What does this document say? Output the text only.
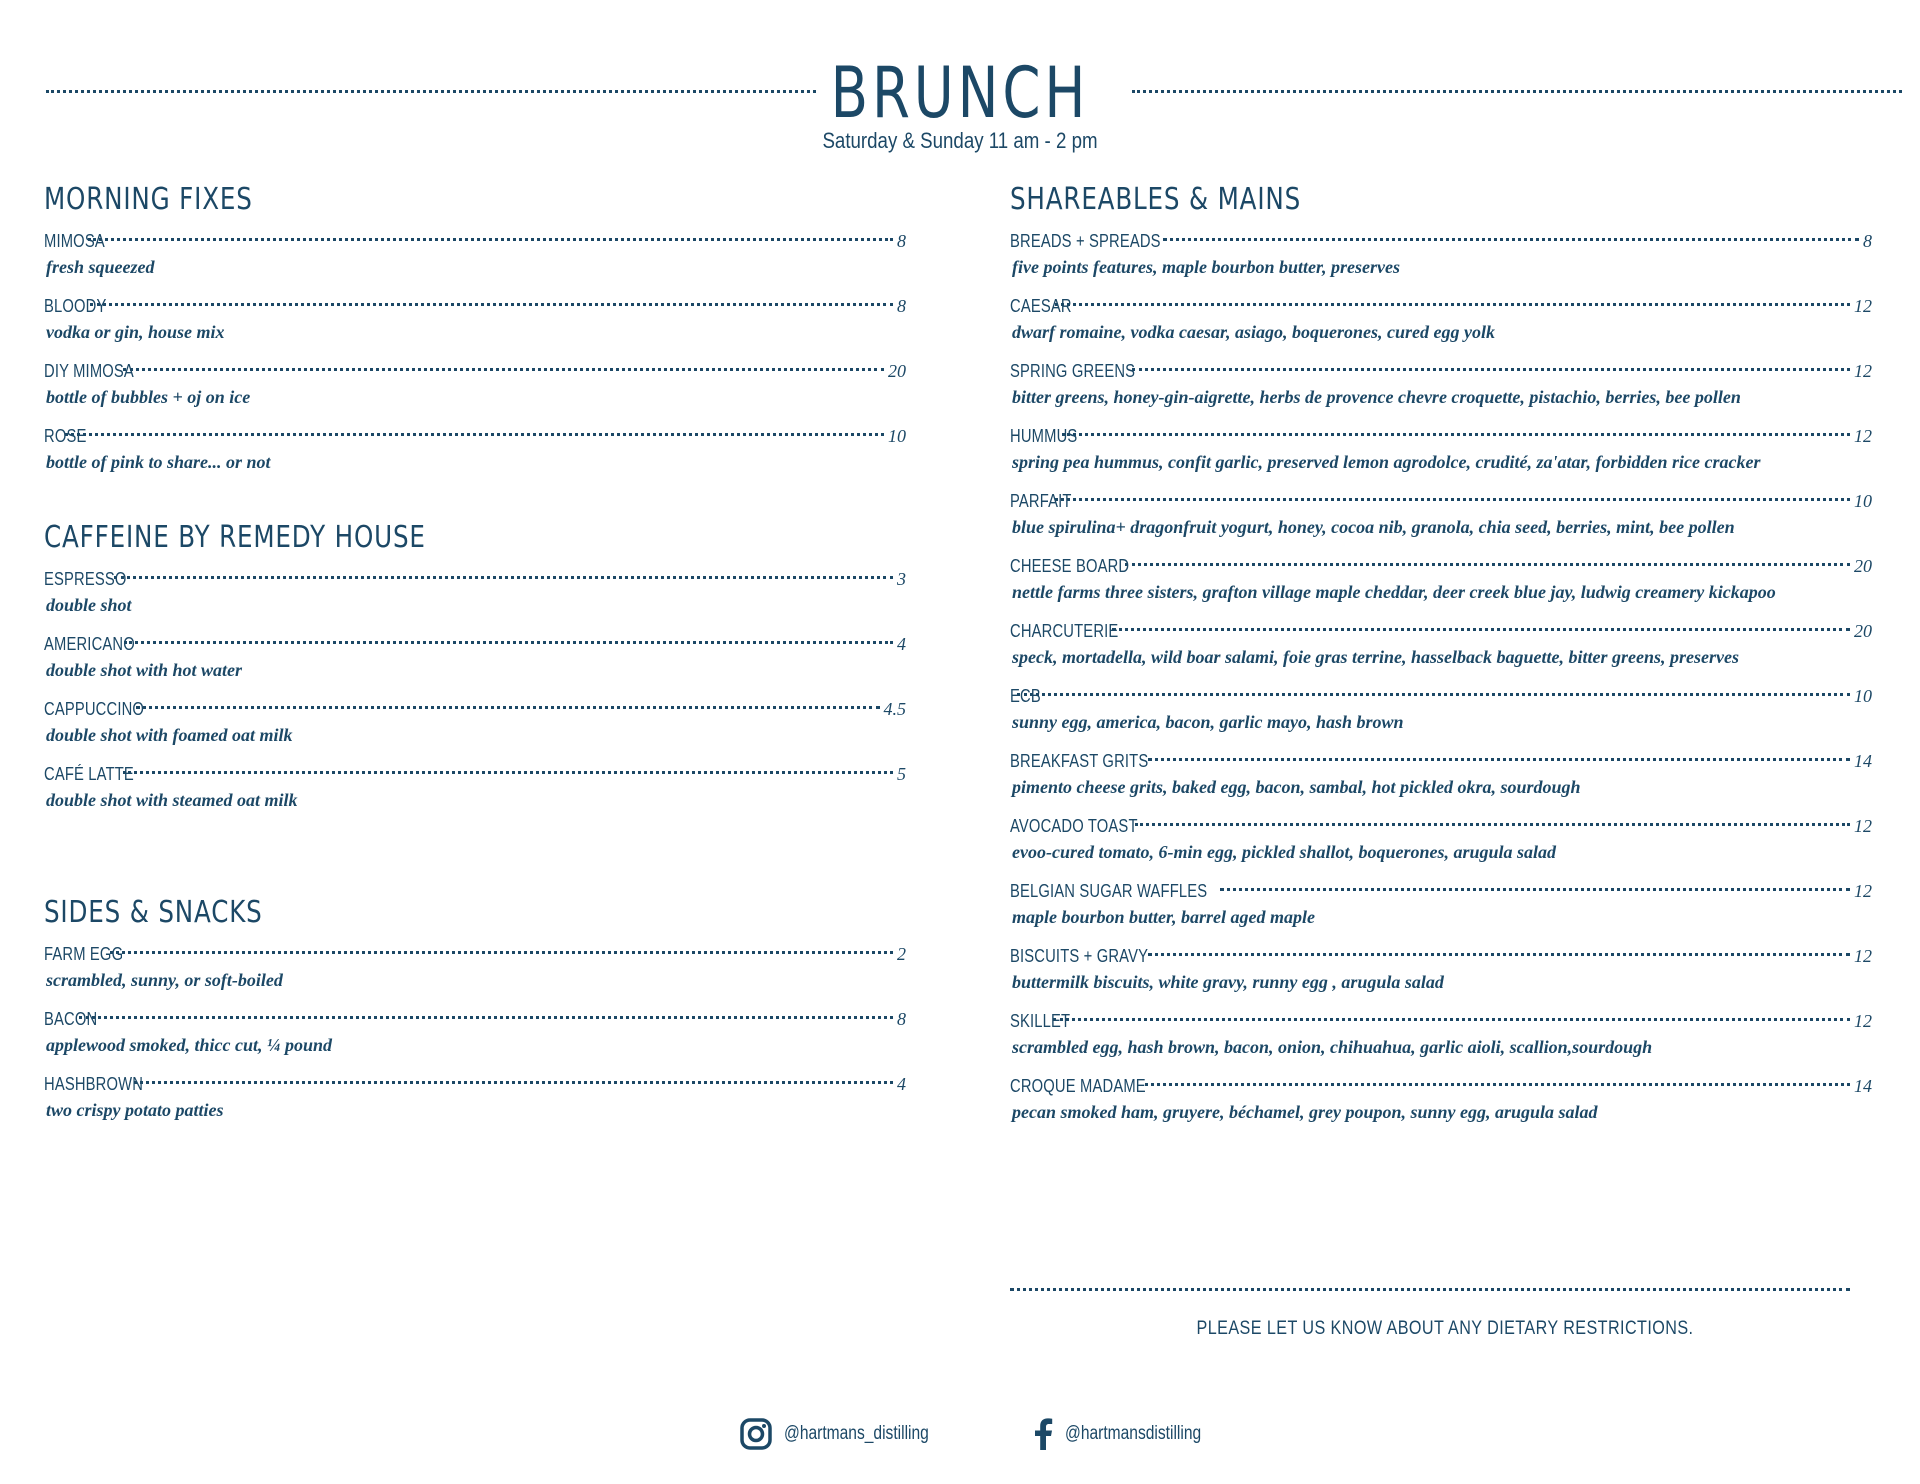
BRUNCH
Saturday & Sunday 11 am - 2 pm
MORNING FIXES
MIMOSA	8
fresh squeezed
BLOODY	8
vodka or gin, house mix
DIY MIMOSA	20
bottle of bubbles + oj on ice
ROSE	10
bottle of pink to share... or not
CAFFEINE BY REMEDY HOUSE
ESPRESSO	3
double shot
AMERICANO	4
double shot with hot water
CAPPUCCINO	4.5
double shot with foamed oat milk
CAFÉ LATTE	5
double shot with steamed oat milk
SIDES & SNACKS
FARM EGG	2
scrambled, sunny, or soft-boiled
BACON	8
applewood smoked, thicc cut, ¼ pound
HASHBROWN	4
two crispy potato patties
SHAREABLES & MAINS
BREADS + SPREADS	8
five points features, maple bourbon butter, preserves
CAESAR	12
dwarf romaine, vodka caesar, asiago, boquerones, cured egg yolk
SPRING GREENS	12
bitter greens, honey-gin-aigrette, herbs de provence chevre croquette, pistachio, berries, bee pollen
HUMMUS	12
spring pea hummus, confit garlic, preserved lemon agrodolce, crudité, za'atar, forbidden rice cracker
PARFAIT	10
blue spirulina+ dragonfruit yogurt, honey, cocoa nib, granola, chia seed, berries, mint, bee pollen
CHEESE BOARD	20
nettle farms three sisters, grafton village maple cheddar, deer creek blue jay, ludwig creamery kickapoo
CHARCUTERIE	20
speck, mortadella, wild boar salami, foie gras terrine, hasselback baguette, bitter greens, preserves
ECB	10
sunny egg, america, bacon, garlic mayo, hash brown
BREAKFAST GRITS	14
pimento cheese grits, baked egg, bacon, sambal, hot pickled okra, sourdough
AVOCADO TOAST	12
evoo-cured tomato, 6-min egg, pickled shallot, boquerones, arugula salad
BELGIAN SUGAR WAFFLES	12
maple bourbon butter, barrel aged maple
BISCUITS + GRAVY	12
buttermilk biscuits, white gravy, runny egg , arugula salad
SKILLET	12
scrambled egg, hash brown, bacon, onion, chihuahua, garlic aioli, scallion,sourdough
CROQUE MADAME	14
pecan smoked ham, gruyere, béchamel, grey poupon, sunny egg, arugula salad
PLEASE LET US KNOW ABOUT ANY DIETARY RESTRICTIONS.
@hartmans_distilling	@hartmansdistilling
